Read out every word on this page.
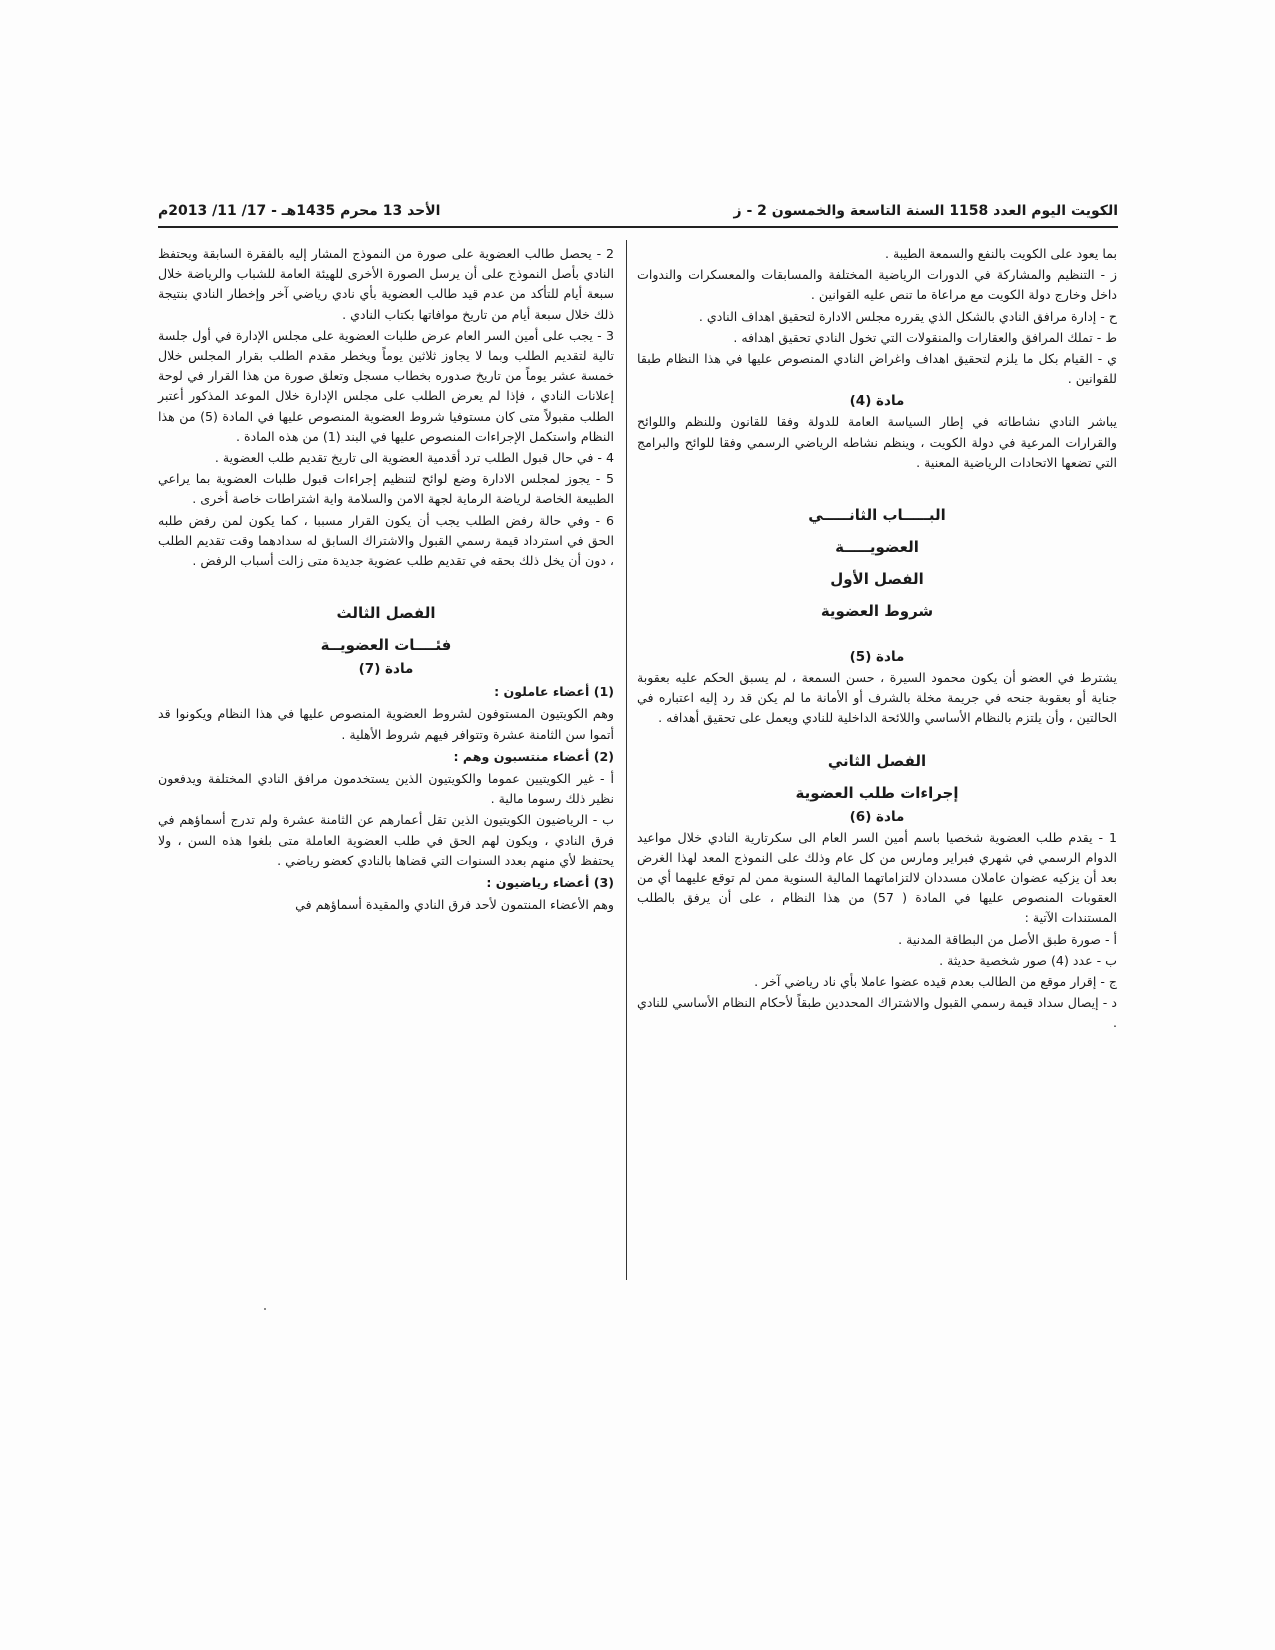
الكويت اليوم العدد 1158 السنة التاسعة والخمسون 2 - ز
الأحد 13 محرم 1435هـ - 17/ 11/ 2013م

بما يعود على الكويت بالنفع والسمعة الطيبة .

ز - التنظيم والمشاركة في الدورات الرياضية المختلفة والمسابقات والمعسكرات والندوات داخل وخارج دولة الكويت مع مراعاة ما تنص عليه القوانين .

ح - إدارة مرافق النادي بالشكل الذي يقرره مجلس الادارة لتحقيق اهداف النادي .

ط - تملك المرافق والعقارات والمنقولات التي تخول النادي تحقيق اهدافه .

ي - القيام بكل ما يلزم لتحقيق اهداف واغراض النادي المنصوص عليها في هذا النظام طبقا للقوانين .

مادة (4)

يباشر النادي نشاطاته في إطار السياسة العامة للدولة وفقا للقانون وللنظم واللوائح والقرارات المرعية في دولة الكويت ، وينظم نشاطه الرياضي الرسمي وفقا للوائح والبرامج التي تضعها الاتحادات الرياضية المعنية .

البـــــاب الثانـــــي

العضويـــــة

الفصل الأول

شروط العضوية

مادة (5)

يشترط في العضو أن يكون محمود السيرة ، حسن السمعة ، لم يسبق الحكم عليه بعقوبة جناية أو بعقوبة جنحه في جريمة مخلة بالشرف أو الأمانة ما لم يكن قد رد إليه اعتباره في الحالتين ، وأن يلتزم بالنظام الأساسي واللائحة الداخلية للنادي ويعمل على تحقيق أهدافه .

الفصل الثاني

إجراءات طلب العضوية

مادة (6)

1 - يقدم طلب العضوية شخصيا باسم أمين السر العام الى سكرتارية النادي خلال مواعيد الدوام الرسمي في شهري فبراير ومارس من كل عام وذلك على النموذج المعد لهذا الغرض بعد أن يزكيه عضوان عاملان مسددان لالتزاماتهما المالية السنوية ممن لم توقع عليهما أي من العقوبات المنصوص عليها في المادة ( 57) من هذا النظام ، على أن يرفق بالطلب المستندات الآتية :

أ - صورة طبق الأصل من البطاقة المدنية .

ب - عدد (4) صور شخصية حديثة .

ج - إقرار موقع من الطالب بعدم قيده عضوا عاملا بأي ناد رياضي آخر .

د - إيصال سداد قيمة رسمي القبول والاشتراك المحددين طبقاً لأحكام النظام الأساسي للنادي .

2 - يحصل طالب العضوية على صورة من النموذج المشار إليه بالفقرة السابقة ويحتفظ النادي بأصل النموذج على أن يرسل الصورة الأخرى للهيئة العامة للشباب والرياضة خلال سبعة أيام للتأكد من عدم قيد طالب العضوية بأي نادي رياضي آخر وإخطار النادي بنتيجة ذلك خلال سبعة أيام من تاريخ موافاتها بكتاب النادي .

3 - يجب على أمين السر العام عرض طلبات العضوية على مجلس الإدارة في أول جلسة تالية لتقديم الطلب وبما لا يجاوز ثلاثين يوماً ويخطر مقدم الطلب بقرار المجلس خلال خمسة عشر يوماً من تاريخ صدوره بخطاب مسجل وتعلق صورة من هذا القرار في لوحة إعلانات النادي ، فإذا لم يعرض الطلب على مجلس الإدارة خلال الموعد المذكور أعتبر الطلب مقبولاً متى كان مستوفيا شروط العضوية المنصوص عليها في المادة (5) من هذا النظام واستكمل الإجراءات المنصوص عليها في البند (1) من هذه المادة .

4 - في حال قبول الطلب ترد أقدمية العضوية الى تاريخ تقديم طلب العضوية .

5 - يجوز لمجلس الادارة وضع لوائح لتنظيم إجراءات قبول طلبات العضوية بما يراعي الطبيعة الخاصة لرياضة الرماية لجهة الامن والسلامة واية اشتراطات خاصة أخرى .

6 - وفي حالة رفض الطلب يجب أن يكون القرار مسببا ، كما يكون لمن رفض طلبه الحق في استرداد قيمة رسمي القبول والاشتراك السابق له سدادهما وقت تقديم الطلب ، دون أن يخل ذلك بحقه في تقديم طلب عضوية جديدة متى زالت أسباب الرفض .

الفصل الثالث

فئــــات العضويــة

مادة (7)

(1) أعضاء عاملون :

وهم الكويتيون المستوفون لشروط العضوية المنصوص عليها في هذا النظام ويكونوا قد أتموا سن الثامنة عشرة وتتوافر فيهم شروط الأهلية .

(2) أعضاء منتسبون وهم :

أ - غير الكويتيين عموما والكويتيون الذين يستخدمون مرافق النادي المختلفة ويدفعون نظير ذلك رسوما مالية .

ب - الرياضيون الكويتيون الذين تقل أعمارهم عن الثامنة عشرة ولم تدرج أسماؤهم في فرق النادي ، ويكون لهم الحق في طلب العضوية العاملة متى بلغوا هذه السن ، ولا يحتفظ لأي منهم بعدد السنوات التي قضاها بالنادي كعضو رياضي .

(3) أعضاء رياضيون :

وهم الأعضاء المنتمون لأحد فرق النادي والمقيدة أسماؤهم في
